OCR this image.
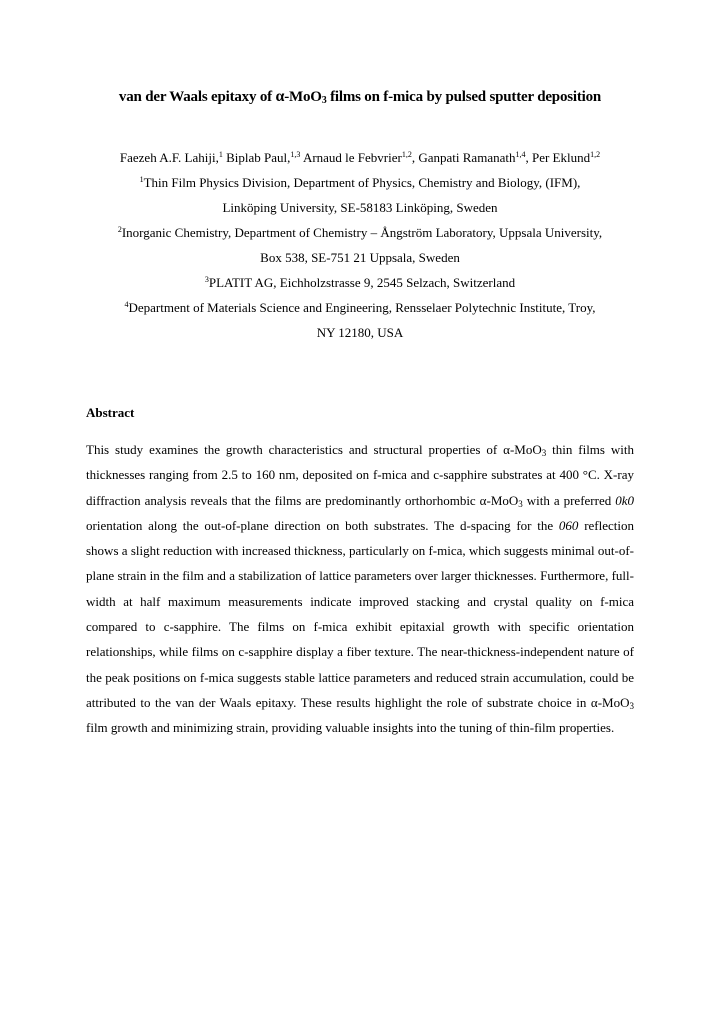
van der Waals epitaxy of α-MoO$_3$ films on f-mica by pulsed sputter deposition
Faezeh A.F. Lahiji,$^1$ Biplab Paul,$^{1,3}$ Arnaud le Febvrier$^{1,2}$, Ganpati Ramanath$^{1,4}$, Per Eklund$^{1,2}$
$^1$Thin Film Physics Division, Department of Physics, Chemistry and Biology, (IFM),
Linköping University, SE-58183 Linköping, Sweden
$^2$Inorganic Chemistry, Department of Chemistry – Ångström Laboratory, Uppsala University,
Box 538, SE-751 21 Uppsala, Sweden
$^3$PLATIT AG, Eichholzstrasse 9, 2545 Selzach, Switzerland
$^4$Department of Materials Science and Engineering, Rensselaer Polytechnic Institute, Troy,
NY 12180, USA
Abstract

This study examines the growth characteristics and structural properties of α-MoO$_3$ thin films with thicknesses ranging from 2.5 to 160 nm, deposited on f-mica and c-sapphire substrates at 400 °C. X-ray diffraction analysis reveals that the films are predominantly orthorhombic α-MoO$_3$ with a preferred 0k0 orientation along the out-of-plane direction on both substrates. The d-spacing for the 060 reflection shows a slight reduction with increased thickness, particularly on f-mica, which suggests minimal out-of-plane strain in the film and a stabilization of lattice parameters over larger thicknesses. Furthermore, full-width at half maximum measurements indicate improved stacking and crystal quality on f-mica compared to c-sapphire. The films on f-mica exhibit epitaxial growth with specific orientation relationships, while films on c-sapphire display a fiber texture. The near-thickness-independent nature of the peak positions on f-mica suggests stable lattice parameters and reduced strain accumulation, could be attributed to the van der Waals epitaxy. These results highlight the role of substrate choice in α-MoO$_3$ film growth and minimizing strain, providing valuable insights into the tuning of thin-film properties.
